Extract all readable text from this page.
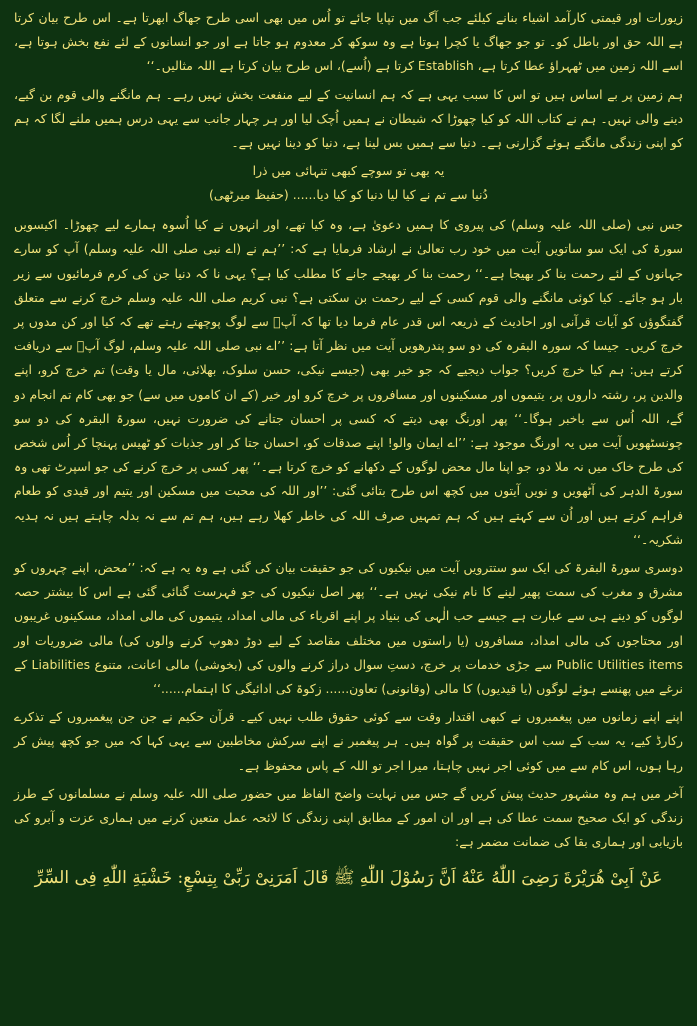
زیورات اور قیمتی کارآمد اشیاء بنانے کیلئے جب آگ میں تپایا جائے تو اُس میں بھی اسی طرح جھاگ ابھرتا ہے۔ اس طرح بیان کرتا ہے اللہ حق اور باطل کو۔ تو جو جھاگ یا کچرا ہوتا ہے وہ سوکھ کر معدوم ہو جاتا ہے اور جو انسانوں کے لئے نفع بخش ہوتا ہے، اسے اللہ زمین میں ٹھہراؤ عطا کرتا ہے، Establish کرتا ہے (اُسے)، اس طرح بیان کرتا ہے اللہ مثالیں۔‘‘

ہم زمین پر بے اساس ہیں تو اس کا سبب یہی ہے کہ ہم انسانیت کے لیے منفعت بخش نہیں رہے۔ ہم مانگنے والی قوم بن گیے، دینے والی نہیں۔ ہم نے کتاب اللہ کو کیا چھوڑا کہ شیطان نے ہمیں اُچک لیا اور ہر چہار جانب سے یہی درس ہمیں ملنے لگا کہ ہم کو اپنی زندگی مانگتے ہوئے گزارنی ہے۔ دنیا سے ہمیں بس لینا ہے، دنیا کو دینا نہیں ہے۔

یہ بھی تو سوچے کبھی تنہائی میں ذرا

دُنیا سے تم نے کیا لیا دنیا کو کیا دیا...... (حفیظ میرٹھی)

جس نبی (صلی اللہ علیہ وسلم) کی پیروی کا ہمیں دعویٰ ہے، وہ کیا تھے، اور انہوں نے کیا اُسوہ ہمارے لیے چھوڑا۔ اکیسویں سورۃ کی ایک سو ساتویں آیت میں خود رب تعالیٰ نے ارشاد فرمایا ہے کہ: ’’ہم نے (اے نبی صلی اللہ علیہ وسلم) آپ کو سارے جہانوں کے لئے رحمت بنا کر بھیجا ہے۔‘‘ رحمت بنا کر بھیجے جانے کا مطلب کیا ہے؟ یہی نا کہ دنیا جن کی کرم فرمائیوں سے زیر بار ہو جائے۔ کیا کوئی مانگنے والی قوم کسی کے لیے رحمت بن سکتی ہے؟ نبی کریم صلی اللہ علیہ وسلم خرچ کرنے سے متعلق گفتگوؤں کو آیات قرآنی اور احادیث کے ذریعہ اس قدر عام فرما دیا تھا کہ آپؐ سے لوگ پوچھتے رہتے تھے کہ کیا اور کن مدوں پر خرچ کریں۔ جیسا کہ سورہ البقرہ کی دو سو پندرھویں آیت میں نظر آتا ہے: ’’اے نبی صلی اللہ علیہ وسلم، لوگ آپؐ سے دریافت کرتے ہیں: ہم کیا خرچ کریں؟ جواب دیجیے کہ جو خیر بھی (جیسے نیکی، حسن سلوک، بھلائی، مال یا وقت) تم خرچ کرو، اپنے والدین پر، رشتہ داروں پر، یتیموں اور مسکینوں اور مسافروں پر خرچ کرو اور خیر (کے ان کاموں میں سے) جو بھی کام تم انجام دو گے، اللہ اُس سے باخبر ہوگا۔‘‘ پھر اورنگ بھی دیتے کہ کسی پر احسان جتانے کی ضرورت نہیں، سورۃ البقرہ کی دو سو چونسٹھویں آیت میں یہ اورنگ موجود ہے: ’’اے ایمان والو! اپنے صدقات کو، احسان جتا کر اور جذبات کو ٹھیس پہنچا کر اُس شخص کی طرح خاک میں نہ ملا دو، جو اپنا مال محض لوگوں کے دکھانے کو خرچ کرتا ہے۔‘‘ پھر کسی پر خرچ کرنے کی جو اسپرٹ تھی وہ سورۃ الدہر کی آٹھویں و نویں آیتوں میں کچھ اس طرح بتائی گئی: ’’اور اللہ کی محبت میں مسکین اور یتیم اور قیدی کو طعام فراہم کرتے ہیں اور اُن سے کہتے ہیں کہ ہم تمہیں صرف اللہ کی خاطر کھلا رہے ہیں، ہم تم سے نہ بدلہ چاہتے ہیں نہ ہدیہ شکریہ۔‘‘

دوسری سورۃ البقرۃ کی ایک سو ستترویں آیت میں نیکیوں کی جو حقیقت بیان کی گئی ہے وہ یہ ہے کہ: ’’محض، اپنے چہروں کو مشرق و مغرب کی سمت پھیر لینے کا نام نیکی نہیں ہے۔‘‘ پھر اصل نیکیوں کی جو فہرست گنائی گئی ہے اس کا بیشتر حصہ لوگوں کو دینے ہی سے عبارت ہے جیسے حب الٰہی کی بنیاد پر اپنے اقرباء کی مالی امداد، یتیموں کی مالی امداد، مسکینوں غریبوں اور محتاجوں کی مالی امداد، مسافروں (یا راستوں میں مختلف مقاصد کے لیے دوڑ دھوپ کرنے والوں کی) مالی ضروریات اور Public Utilities items سے جڑی خدمات پر خرچ، دستِ سوال دراز کرنے والوں کی (بخوشی) مالی اعانت، متنوع Liabilities کے نرغے میں پھنسے ہوئے لوگوں (یا قیدیوں) کا مالی (وقانونی) تعاون...... زکوۃ کی ادائیگی کا اہتمام......‘‘

اپنے اپنے زمانوں میں پیغمبروں نے کبھی اقتدار وقت سے کوئی حقوق طلب نہیں کیے۔ قرآن حکیم نے جن جن پیغمبروں کے تذکرے رکارڈ کیے، یہ سب کے سب اس حقیقت پر گواہ ہیں۔ ہر پیغمبر نے اپنے سرکش مخاطبین سے یہی کہا کہ میں جو کچھ پیش کر رہا ہوں، اس کام سے میں کوئی اجر نہیں چاہتا، میرا اجر تو اللہ کے پاس محفوظ ہے۔

آخر میں ہم وہ مشہور حدیث پیش کریں گے جس میں نہایت واضح الفاظ میں حضور صلی اللہ علیہ وسلم نے مسلمانوں کے طرز زندگی کو ایک صحیح سمت عطا کی ہے اور ان امور کے مطابق اپنی زندگی کا لائحہ عمل متعین کرنے میں ہماری عزت و آبرو کی بازیابی اور ہماری بقا کی ضمانت مضمر ہے:

عَنْ اَبِیْ هُرَیْرَةَ رَضِیَ اللّٰهُ عَنْهُ اَنَّ رَسُوْلَ اللّٰهِ ﷺ قَالَ اَمَرَنِیْ رَبِّیْ بِتِسْعٍ: خَشْیَةِ اللّٰهِ فِی السِّرِّ
